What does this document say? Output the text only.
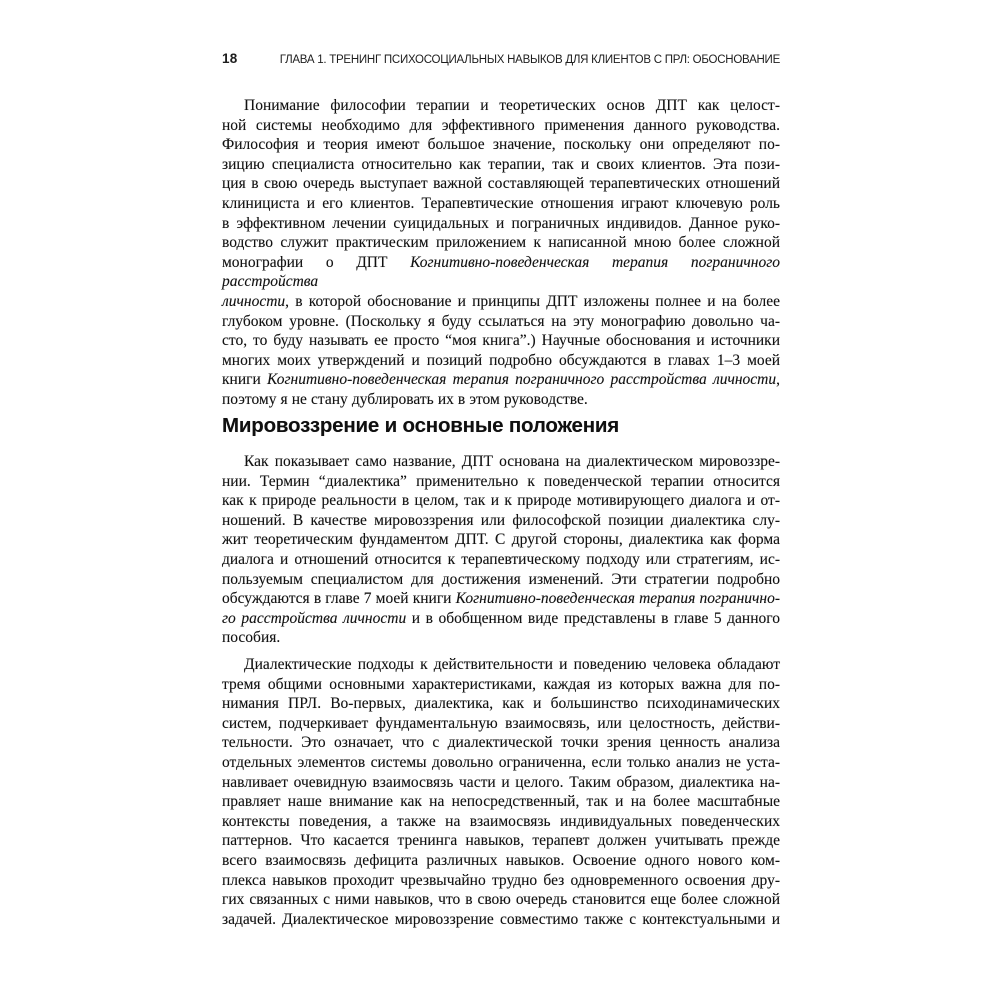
18	ГЛАВА 1. ТРЕНИНГ ПСИХОСОЦИАЛЬНЫХ НАВЫКОВ ДЛЯ КЛИЕНТОВ С ПРЛ: ОБОСНОВАНИЕ
Понимание философии терапии и теоретических основ ДПТ как целост-
ной системы необходимо для эффективного применения данного руководства.
Философия и теория имеют большое значение, поскольку они определяют по-
зицию специалиста относительно как терапии, так и своих клиентов. Эта пози-
ция в свою очередь выступает важной составляющей терапевтических отношений
клинициста и его клиентов. Терапевтические отношения играют ключевую роль
в эффективном лечении суицидальных и пограничных индивидов. Данное руко-
водство служит практическим приложением к написанной мною более сложной
монографии о ДПТ Когнитивно-поведенческая терапия пограничного расстройства
личности, в которой обоснование и принципы ДПТ изложены полнее и на более
глубоком уровне. (Поскольку я буду ссылаться на эту монографию довольно ча-
сто, то буду называть ее просто “моя книга”.) Научные обоснования и источники
многих моих утверждений и позиций подробно обсуждаются в главах 1–3 моей
книги Когнитивно-поведенческая терапия пограничного расстройства личности,
поэтому я не стану дублировать их в этом руководстве.
Мировоззрение и основные положения
Как показывает само название, ДПТ основана на диалектическом мировоззре-
нии. Термин “диалектика” применительно к поведенческой терапии относится
как к природе реальности в целом, так и к природе мотивирующего диалога и от-
ношений. В качестве мировоззрения или философской позиции диалектика слу-
жит теоретическим фундаментом ДПТ. С другой стороны, диалектика как форма
диалога и отношений относится к терапевтическому подходу или стратегиям, ис-
пользуемым специалистом для достижения изменений. Эти стратегии подробно
обсуждаются в главе 7 моей книги Когнитивно-поведенческая терапия погранично-
го расстройства личности и в обобщенном виде представлены в главе 5 данного
пособия.
Диалектические подходы к действительности и поведению человека обладают
тремя общими основными характеристиками, каждая из которых важна для по-
нимания ПРЛ. Во-первых, диалектика, как и большинство психодинамических
систем, подчеркивает фундаментальную взаимосвязь, или целостность, действи-
тельности. Это означает, что с диалектической точки зрения ценность анализа
отдельных элементов системы довольно ограниченна, если только анализ не уста-
навливает очевидную взаимосвязь части и целого. Таким образом, диалектика на-
правляет наше внимание как на непосредственный, так и на более масштабные
контексты поведения, а также на взаимосвязь индивидуальных поведенческих
паттернов. Что касается тренинга навыков, терапевт должен учитывать прежде
всего взаимосвязь дефицита различных навыков. Освоение одного нового ком-
плекса навыков проходит чрезвычайно трудно без одновременного освоения дру-
гих связанных с ними навыков, что в свою очередь становится еще более сложной
задачей. Диалектическое мировоззрение совместимо также с контекстуальными и
